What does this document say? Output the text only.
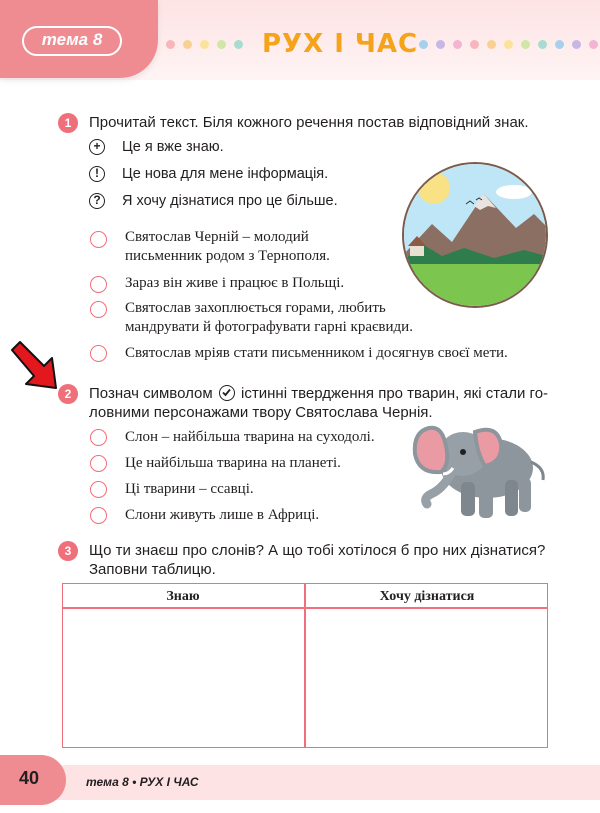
тема 8	РУХ І ЧАС
1	Прочитай текст. Біля кожного речення постав відповідний знак.
+	Це я вже знаю.
!	Це нова для мене інформація.
? Я хочу дізнатися про це більше.
Святослав Черній – молодий
письменник родом з Тернополя.
Зараз він живе і працює в Польщі.
Святослав захоплюється горами, любить
мандрувати й фотографувати гарні краєвиди.
Святослав мріяв стати письменником і досягнув своєї мети.
2	Познач символом істинні твердження про тварин, які стали го-
ловними персонажами твору Святослава Чернія.
Слон – найбільша тварина на суходолі.
Це найбільша тварина на планеті.
Ці тварини – ссавці.
Слони живуть лише в Африці.
3	Що ти знаєш про слонів? А що тобі хотілося б про них дізнатися?
Заповни таблицю.
Знаю	Хочу дізнатися
40	тема 8 • РУХ І ЧАС
